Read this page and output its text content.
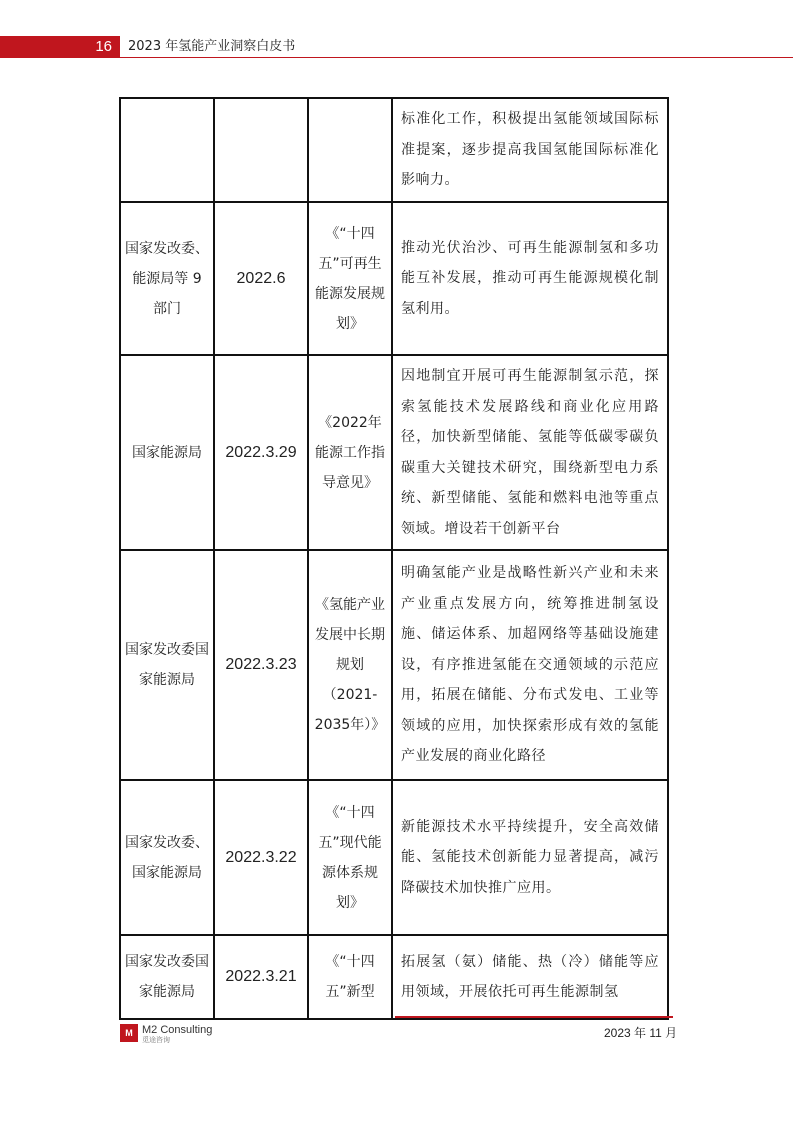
16	2023 年氢能产业洞察白皮书
			标准化工作，积极提出氢能领域国际标准提案，逐步提高我国氢能国际标准化影响力。
国家发改委、能源局等 9 部门	2022.6	《“十四五”可再生能源发展规划》	推动光伏治沙、可再生能源制氢和多功能互补发展，推动可再生能源规模化制氢利用。
国家能源局	2022.3.29	《2022年能源工作指导意见》	因地制宜开展可再生能源制氢示范，探索氢能技术发展路线和商业化应用路径，加快新型储能、氢能等低碳零碳负碳重大关键技术研究，围绕新型电力系统、新型储能、氢能和燃料电池等重点领域。增设若干创新平台
国家发改委国家能源局	2022.3.23	《氢能产业发展中长期规划（2021-2035年）》	明确氢能产业是战略性新兴产业和未来产业重点发展方向，统筹推进制氢设施、储运体系、加超网络等基础设施建设，有序推进氢能在交通领域的示范应用，拓展在储能、分布式发电、工业等领域的应用，加快探索形成有效的氢能产业发展的商业化路径
国家发改委、国家能源局	2022.3.22	《“十四五”现代能源体系规划》	新能源技术水平持续提升，安全高效储能、氢能技术创新能力显著提高，减污降碳技术加快推广应用。
国家发改委国家能源局	2022.3.21	《“十四五”新型	拓展氢（氨）储能、热（冷）储能等应用领域，开展依托可再生能源制氢
M M2 Consulting
觅途咨询	2023 年 11 月
